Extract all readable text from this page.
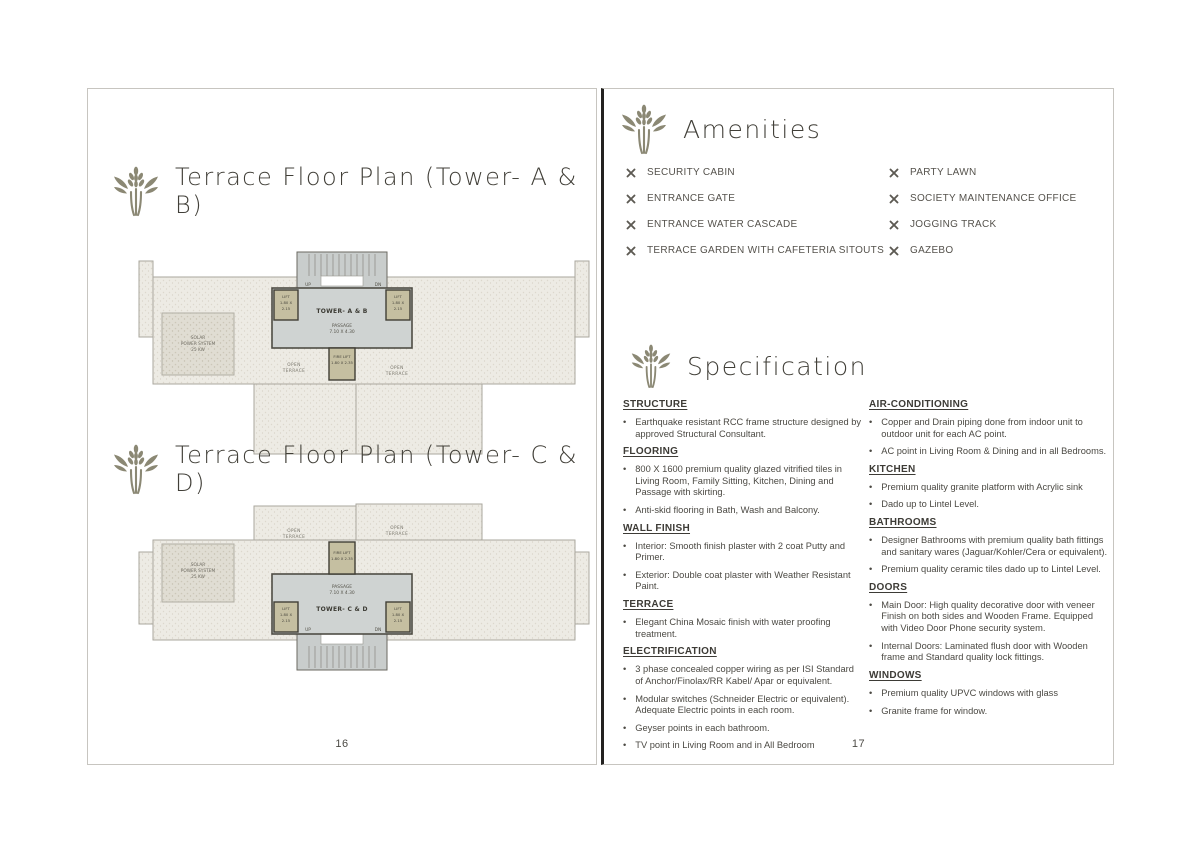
Terrace Floor Plan (Tower- A & B)
UP	DN
TOWER- A & B
PASSAGE
7.10 X 4.30
LIFT
1.80 X
2.15
LIFT
1.80 X
2.15
FIRE LIFT
1.80 X 2.35
OPEN
TERRACE
OPEN
TERRACE
SOLAR
POWER SYSTEM
25 KW
Terrace Floor Plan (Tower- C & D)
UP	DN
PASSAGE
7.10 X 4.30
TOWER- C & D
LIFT
1.80 X
2.15
LIFT
1.80 X
2.15
FIRE LIFT
1.80 X 2.35
OPEN
TERRACE
OPEN
TERRACE
SOLAR
POWER SYSTEM
25 KW
16
Amenities
SECURITY CABIN
ENTRANCE GATE
ENTRANCE WATER CASCADE
TERRACE GARDEN WITH CAFETERIA SITOUTS
PARTY LAWN
SOCIETY MAINTENANCE OFFICE
JOGGING TRACK
GAZEBO
Specification
STRUCTURE
• Earthquake resistant RCC frame structure designed by approved Structural Consultant.
FLOORING
• 800 X 1600 premium quality glazed vitrified tiles in Living Room, Family Sitting, Kitchen, Dining and Passage with skirting.
• Anti-skid flooring in Bath, Wash and Balcony.
WALL FINISH
• Interior: Smooth finish plaster with 2 coat Putty and Primer.
• Exterior: Double coat plaster with Weather Resistant Paint.
TERRACE
• Elegant China Mosaic finish with water proofing treatment.
ELECTRIFICATION
• 3 phase concealed copper wiring as per ISI Standard of Anchor/Finolax/RR Kabel/ Apar or equivalent.
• Modular switches (Schneider Electric or equivalent). Adequate Electric points in each room.
• Geyser points in each bathroom.
• TV point in Living Room and in All Bedroom
AIR-CONDITIONING
• Copper and Drain piping done from indoor unit to outdoor unit for each AC point.
• AC point in Living Room & Dining and in all Bedrooms.
KITCHEN
• Premium quality granite platform with Acrylic sink
• Dado up to Lintel Level.
BATHROOMS
• Designer Bathrooms with premium quality bath fittings and sanitary wares (Jaguar/Kohler/Cera or equivalent).
• Premium quality ceramic tiles dado up to Lintel Level.
DOORS
• Main Door: High quality decorative door with veneer Finish on both sides and Wooden Frame. Equipped with Video Door Phone security system.
• Internal Doors: Laminated flush door with Wooden frame and Standard quality lock fittings.
WINDOWS
• Premium quality UPVC windows with glass
• Granite frame for window.
17
